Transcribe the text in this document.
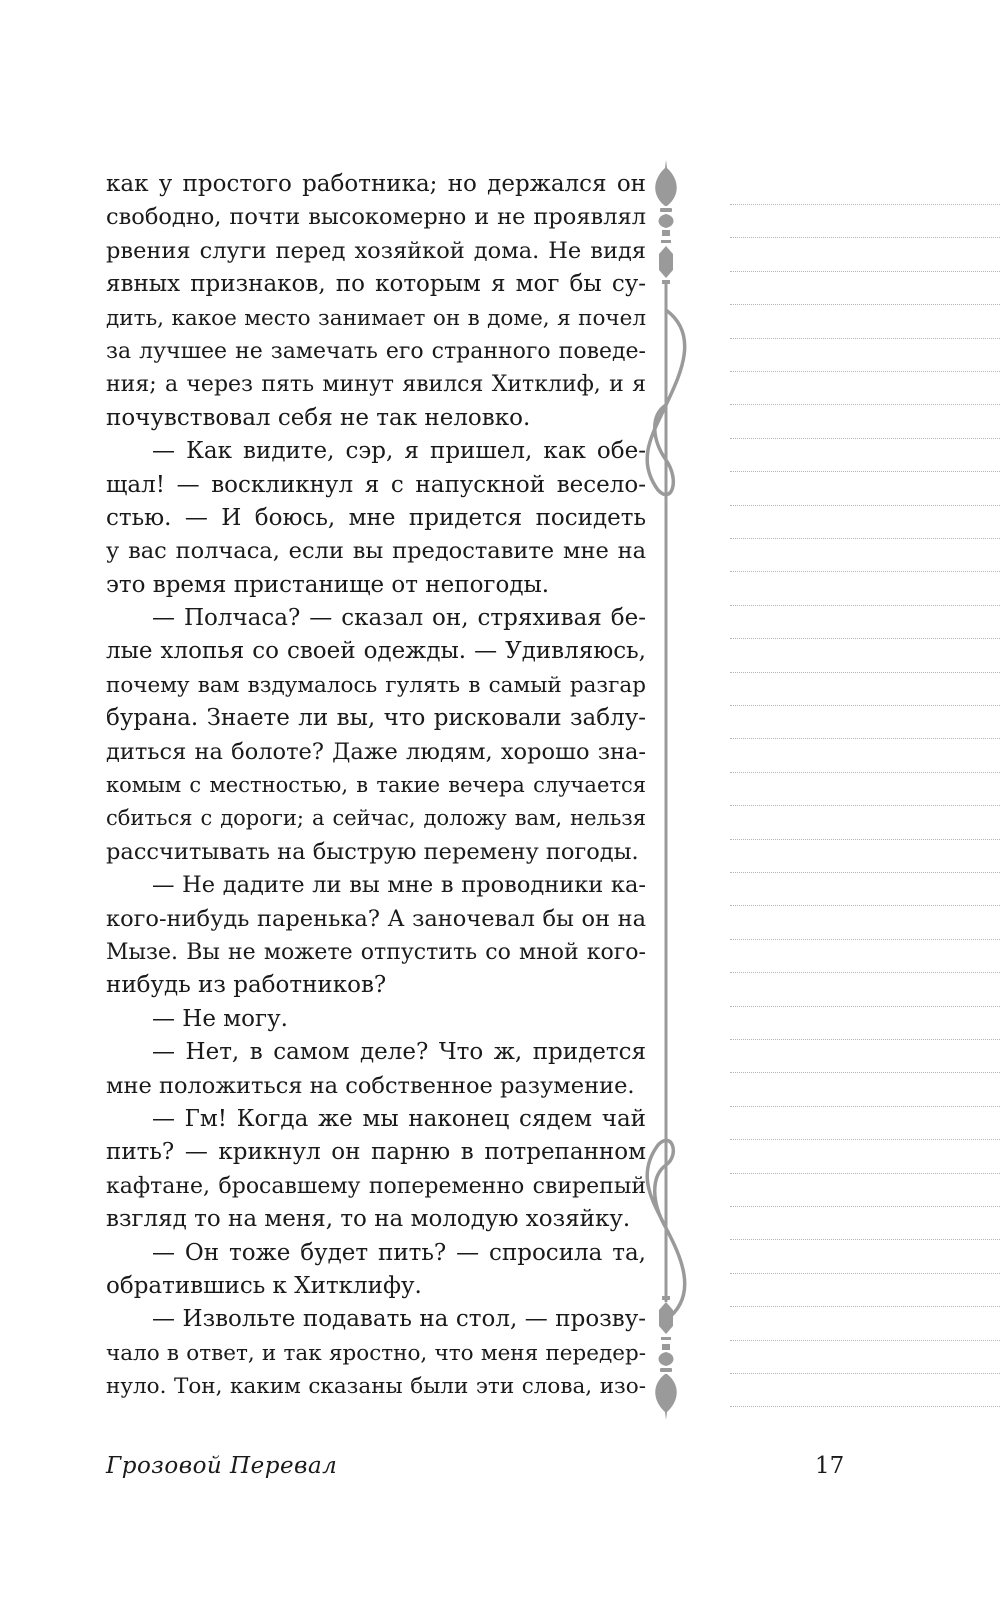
как у простого работника; но держался он
свободно, почти высокомерно и не проявлял
рвения слуги перед хозяйкой дома. Не видя
явных признаков, по которым я мог бы су-
дить, какое место занимает он в доме, я почел
за лучшее не замечать его странного поведе-
ния; а через пять минут явился Хитклиф, и я
почувствовал себя не так неловко.
— Как видите, сэр, я пришел, как обе-
щал! — воскликнул я с напускной весело-
стью. — И боюсь, мне придется посидеть
у вас полчаса, если вы предоставите мне на
это время пристанище от непогоды.
— Полчаса? — сказал он, стряхивая бе-
лые хлопья со своей одежды. — Удивляюсь,
почему вам вздумалось гулять в самый разгар
бурана. Знаете ли вы, что рисковали заблу-
диться на болоте? Даже людям, хорошо зна-
комым с местностью, в такие вечера случается
сбиться с дороги; а сейчас, доложу вам, нельзя
рассчитывать на быструю перемену погоды.
— Не дадите ли вы мне в проводники ка-
кого-нибудь паренька? А заночевал бы он на
Мызе. Вы не можете отпустить со мной кого-
нибудь из работников?
— Не могу.
— Нет, в самом деле? Что ж, придется
мне положиться на собственное разумение.
— Гм! Когда же мы наконец сядем чай
пить? — крикнул он парню в потрепанном
кафтане, бросавшему попеременно свирепый
взгляд то на меня, то на молодую хозяйку.
— Он тоже будет пить? — спросила та,
обратившись к Хитклифу.
— Извольте подавать на стол, — прозву-
чало в ответ, и так яростно, что меня передер-
нуло. Тон, каким сказаны были эти слова, изо-
Грозовой Перевал	17
